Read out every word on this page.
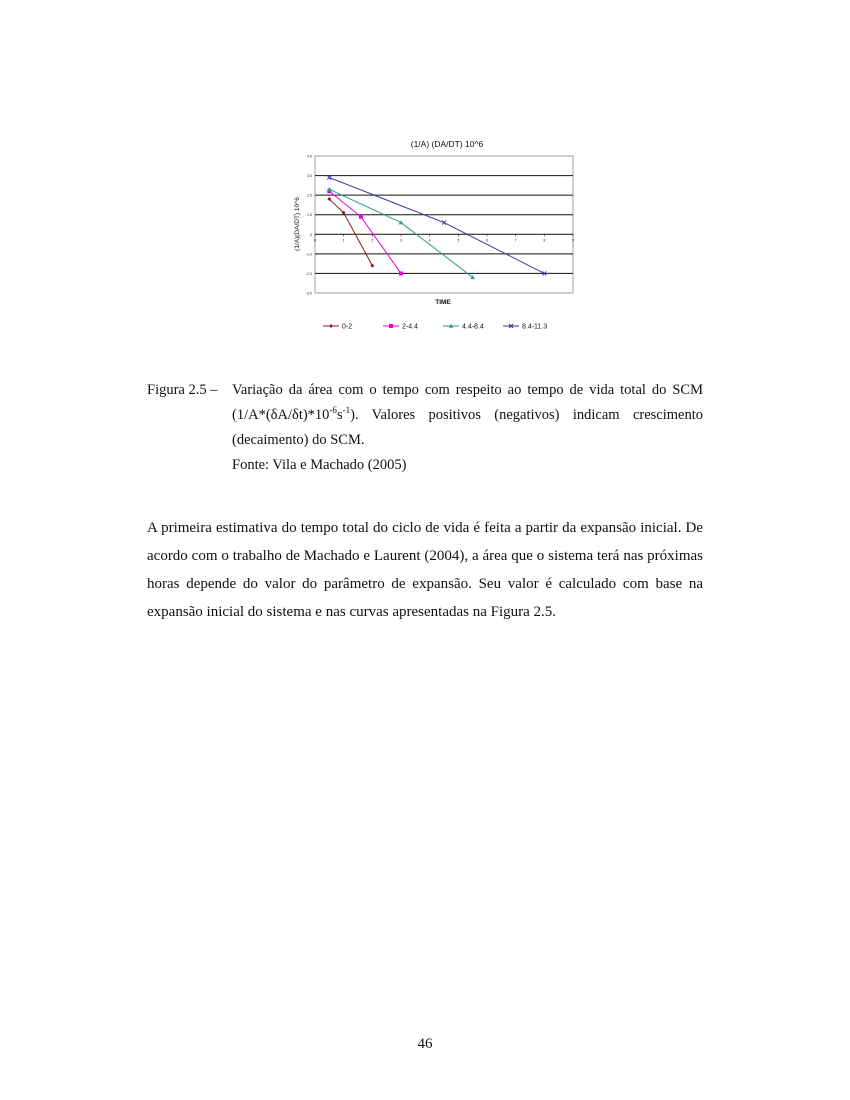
(1/A) (DA/DT) 10^6
4.0
3.0
2.0
1.0
0
-1.0
-2.0
-3.0
0	1	2	3	4	5	6	7	8	9
TIME
(1/A)(DA/DT) 10^6
0-2	2-4.4	4.4-8.4	8.4-11.3
Figura 2.5 – Variação da área com o tempo com respeito ao tempo de vida total do SCM $(1/A*(\delta A/\delta t)*10^{-6}s^{-1})$. Valores positivos (negativos) indicam crescimento (decaimento) do SCM.
Fonte: Vila e Machado (2005)
A primeira estimativa do tempo total do ciclo de vida é feita a partir da expansão inicial. De acordo com o trabalho de Machado e Laurent (2004), a área que o sistema terá nas próximas horas depende do valor do parâmetro de expansão. Seu valor é calculado com base na expansão inicial do sistema e nas curvas apresentadas na Figura 2.5.
46
